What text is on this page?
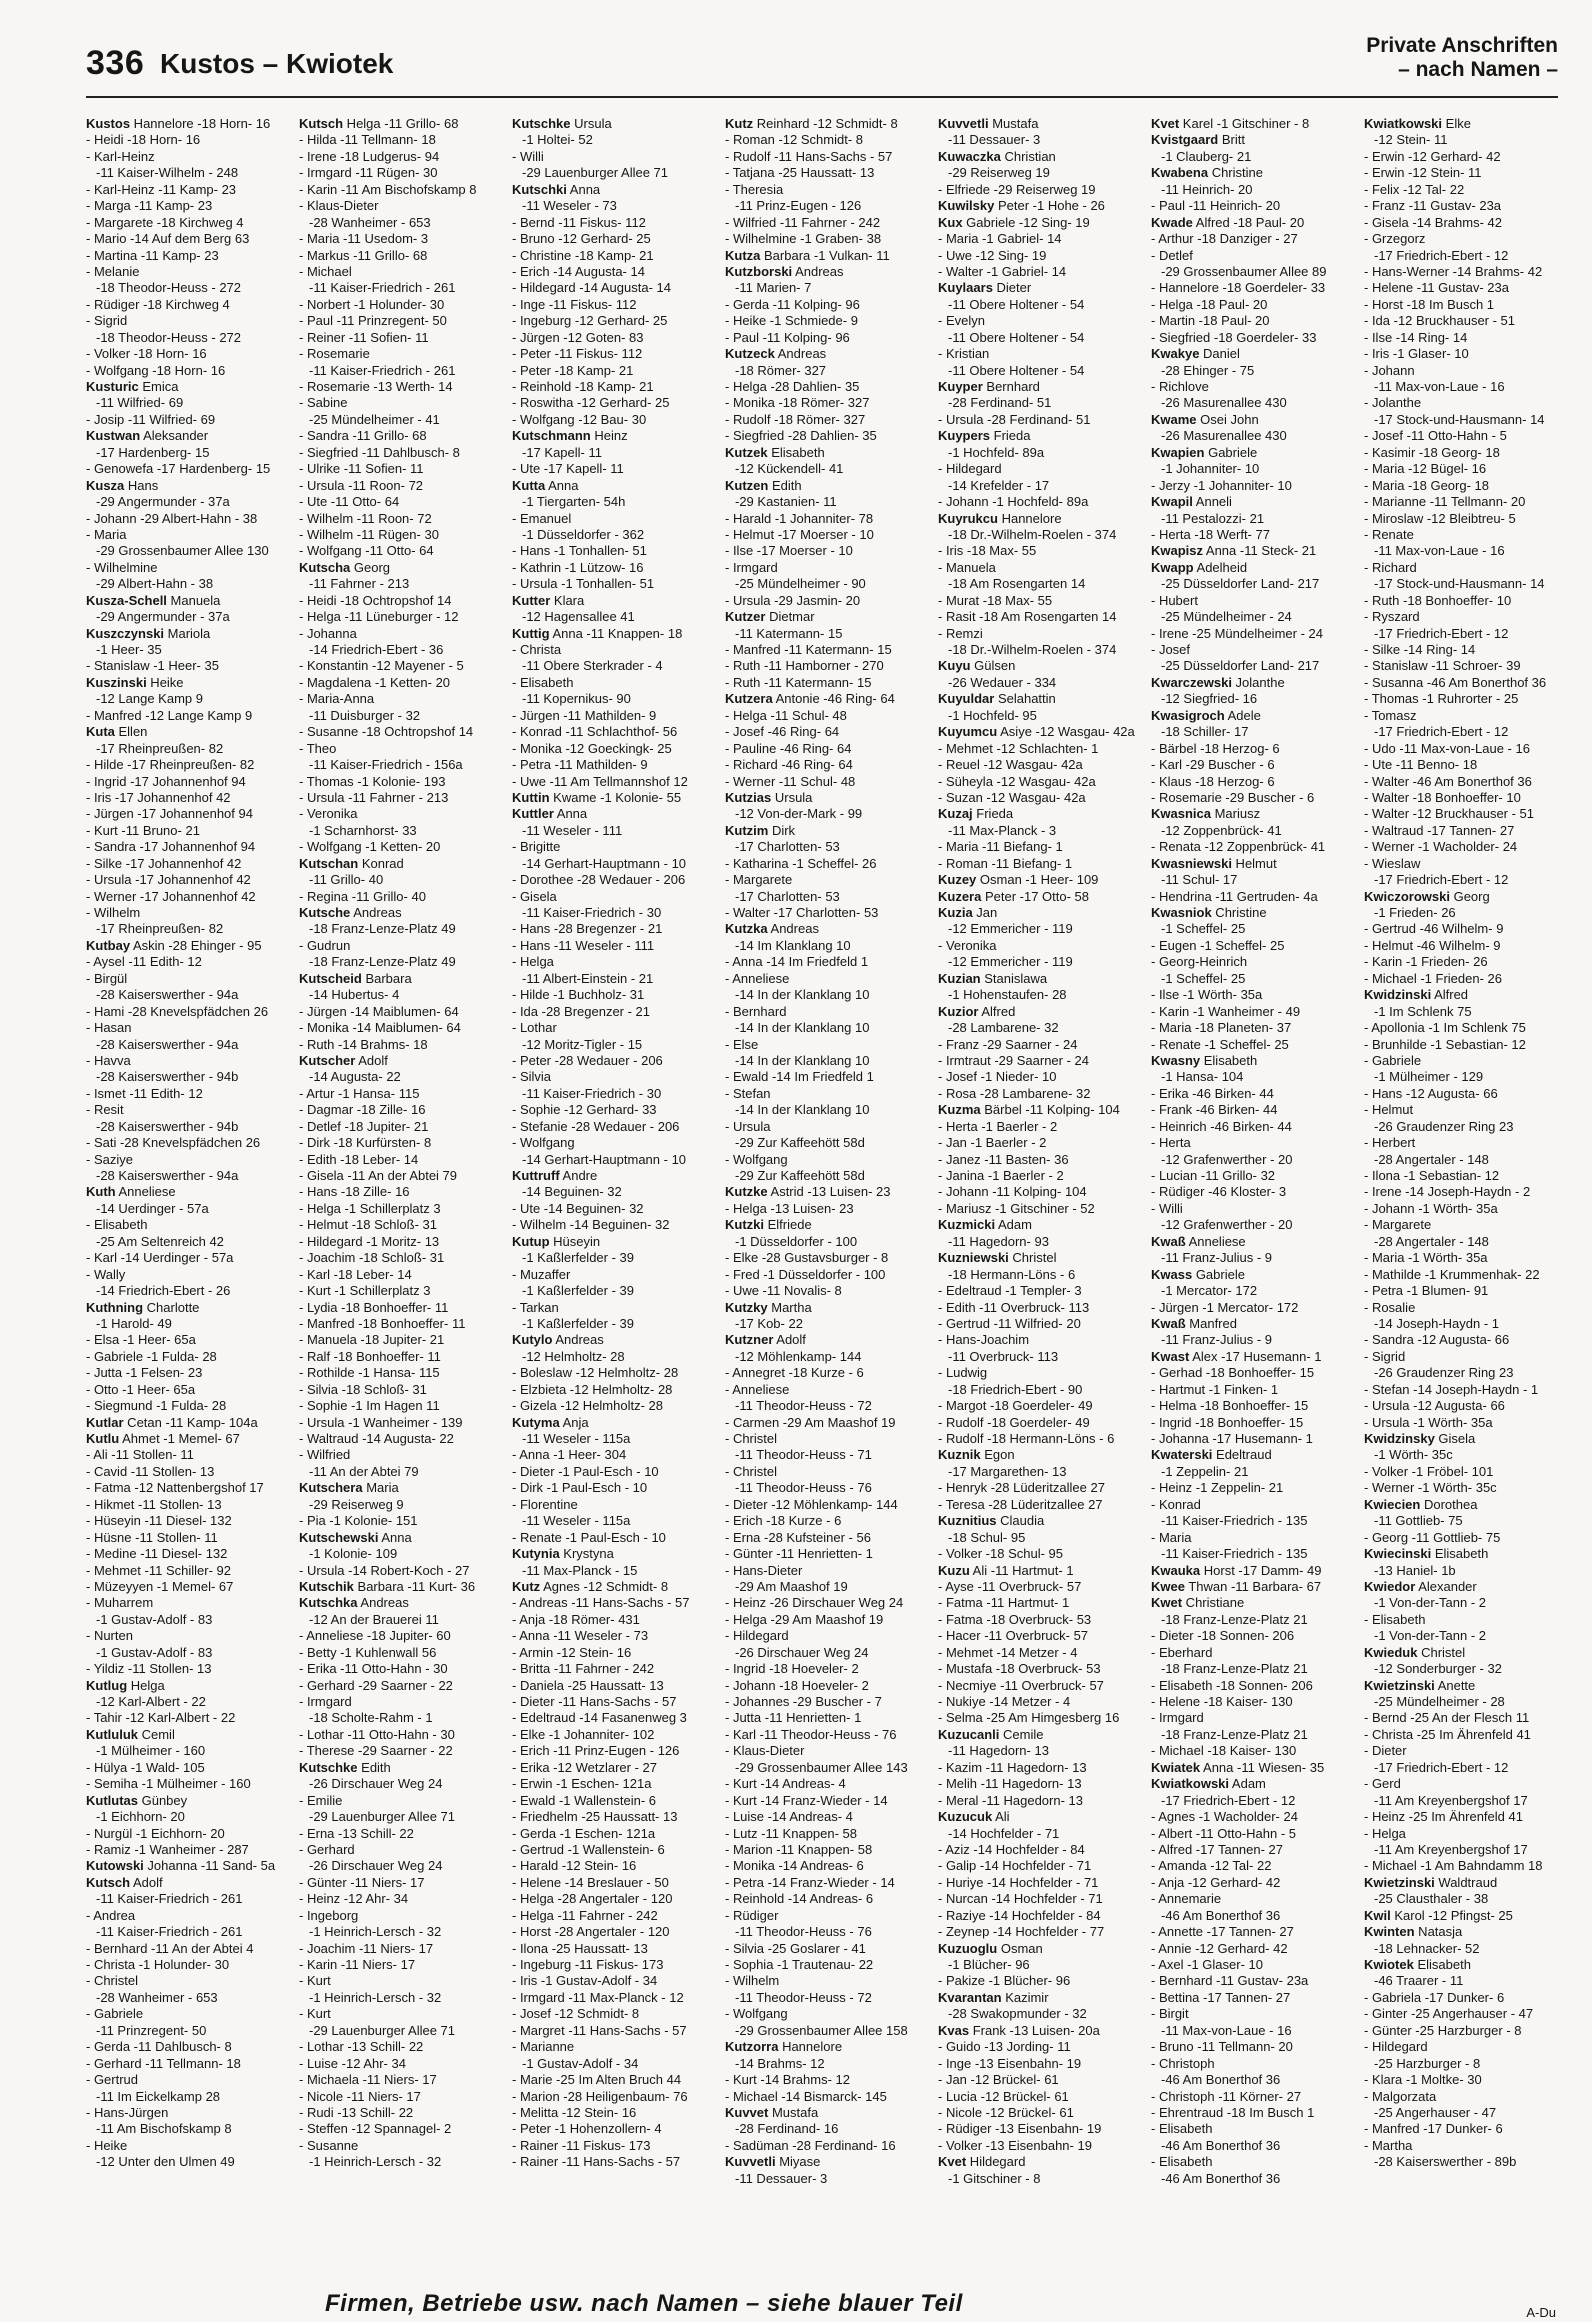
336 Kustos – Kwiotek
Private Anschriften
– nach Namen –
Kustos Hannelore -18 Horn- 16
- Heidi -18 Horn- 16
- Karl-Heinz
-11 Kaiser-Wilhelm - 248
- Karl-Heinz -11 Kamp- 23
- Marga -11 Kamp- 23
- Margarete -18 Kirchweg 4
- Mario -14 Auf dem Berg 63
- Martina -11 Kamp- 23
- Melanie
-18 Theodor-Heuss - 272
- Rüdiger -18 Kirchweg 4
- Sigrid
-18 Theodor-Heuss - 272
- Volker -18 Horn- 16
- Wolfgang -18 Horn- 16
Kusturic Emica
-11 Wilfried- 69
- Josip -11 Wilfried- 69
Kustwan Aleksander
-17 Hardenberg- 15
- Genowefa -17 Hardenberg- 15
Kusza Hans
-29 Angermunder - 37a
- Johann -29 Albert-Hahn - 38
- Maria
-29 Grossenbaumer Allee 130
- Wilhelmine
-29 Albert-Hahn - 38
Kusza-Schell Manuela
-29 Angermunder - 37a
Kuszczynski Mariola
-1 Heer- 35
- Stanislaw -1 Heer- 35
Kuszinski Heike
-12 Lange Kamp 9
- Manfred -12 Lange Kamp 9
Kuta Ellen
-17 Rheinpreußen- 82
- Hilde -17 Rheinpreußen- 82
- Ingrid -17 Johannenhof 94
- Iris -17 Johannenhof 42
- Jürgen -17 Johannenhof 94
- Kurt -11 Bruno- 21
- Sandra -17 Johannenhof 94
- Silke -17 Johannenhof 42
- Ursula -17 Johannenhof 42
- Werner -17 Johannenhof 42
- Wilhelm
-17 Rheinpreußen- 82
Kutbay Askin -28 Ehinger - 95
- Aysel -11 Edith- 12
- Birgül
-28 Kaiserswerther - 94a
- Hami -28 Knevelspfädchen 26
- Hasan
-28 Kaiserswerther - 94a
- Havva
-28 Kaiserswerther - 94b
- Ismet -11 Edith- 12
- Resit
-28 Kaiserswerther - 94b
- Sati -28 Knevelspfädchen 26
- Saziye
-28 Kaiserswerther - 94a
Kuth Anneliese
-14 Uerdinger - 57a
- Elisabeth
-25 Am Seltenreich 42
- Karl -14 Uerdinger - 57a
- Wally
-14 Friedrich-Ebert - 26
Kuthning Charlotte
-1 Harold- 49
- Elsa -1 Heer- 65a
- Gabriele -1 Fulda- 28
- Jutta -1 Felsen- 23
- Otto -1 Heer- 65a
- Siegmund -1 Fulda- 28
Kutlar Cetan -11 Kamp- 104a
Kutlu Ahmet -1 Memel- 67
- Ali -11 Stollen- 11
- Cavid -11 Stollen- 13
- Fatma -12 Nattenbergshof 17
- Hikmet -11 Stollen- 13
- Hüseyin -11 Diesel- 132
- Hüsne -11 Stollen- 11
- Medine -11 Diesel- 132
- Mehmet -11 Schiller- 92
- Müzeyyen -1 Memel- 67
- Muharrem
-1 Gustav-Adolf - 83
- Nurten
-1 Gustav-Adolf - 83
- Yildiz -11 Stollen- 13
Kutlug Helga
-12 Karl-Albert - 22
- Tahir -12 Karl-Albert - 22
Kutluluk Cemil
-1 Mülheimer - 160
- Hülya -1 Wald- 105
- Semiha -1 Mülheimer - 160
Kutlutas Günbey
-1 Eichhorn- 20
- Nurgül -1 Eichhorn- 20
- Ramiz -1 Wanheimer - 287
Kutowski Johanna -11 Sand- 5a
Kutsch Adolf
-11 Kaiser-Friedrich - 261
- Andrea
-11 Kaiser-Friedrich - 261
- Bernhard -11 An der Abtei 4
- Christa -1 Holunder- 30
- Christel
-28 Wanheimer - 653
- Gabriele
-11 Prinzregent- 50
- Gerda -11 Dahlbusch- 8
- Gerhard -11 Tellmann- 18
- Gertrud
-11 Im Eickelkamp 28
- Hans-Jürgen
-11 Am Bischofskamp 8
- Heike
-12 Unter den Ulmen 49
Kutsch Helga -11 Grillo- 68
- Hilda -11 Tellmann- 18
- Irene -18 Ludgerus- 94
- Irmgard -11 Rügen- 30
- Karin -11 Am Bischofskamp 8
- Klaus-Dieter
-28 Wanheimer - 653
- Maria -11 Usedom- 3
- Markus -11 Grillo- 68
- Michael
-11 Kaiser-Friedrich - 261
- Norbert -1 Holunder- 30
- Paul -11 Prinzregent- 50
- Reiner -11 Sofien- 11
- Rosemarie
-11 Kaiser-Friedrich - 261
- Rosemarie -13 Werth- 14
- Sabine
-25 Mündelheimer - 41
- Sandra -11 Grillo- 68
- Siegfried -11 Dahlbusch- 8
- Ulrike -11 Sofien- 11
- Ursula -11 Roon- 72
- Ute -11 Otto- 64
- Wilhelm -11 Roon- 72
- Wilhelm -11 Rügen- 30
- Wolfgang -11 Otto- 64
Kutscha Georg
-11 Fahrner - 213
- Heidi -18 Ochtropshof 14
- Helga -11 Lüneburger - 12
- Johanna
-14 Friedrich-Ebert - 36
- Konstantin -12 Mayener - 5
- Magdalena -1 Ketten- 20
- Maria-Anna
-11 Duisburger - 32
- Susanne -18 Ochtropshof 14
- Theo
-11 Kaiser-Friedrich - 156a
- Thomas -1 Kolonie- 193
- Ursula -11 Fahrner - 213
- Veronika
-1 Scharnhorst- 33
- Wolfgang -1 Ketten- 20
Kutschan Konrad
-11 Grillo- 40
- Regina -11 Grillo- 40
Kutsche Andreas
-18 Franz-Lenze-Platz 49
- Gudrun
-18 Franz-Lenze-Platz 49
Kutscheid Barbara
-14 Hubertus- 4
- Jürgen -14 Maiblumen- 64
- Monika -14 Maiblumen- 64
- Ruth -14 Brahms- 18
Kutscher Adolf
-14 Augusta- 22
- Artur -1 Hansa- 115
- Dagmar -18 Zille- 16
- Detlef -18 Jupiter- 21
- Dirk -18 Kurfürsten- 8
- Edith -18 Leber- 14
- Gisela -11 An der Abtei 79
- Hans -18 Zille- 16
- Helga -1 Schillerplatz 3
- Helmut -18 Schloß- 31
- Hildegard -1 Moritz- 13
- Joachim -18 Schloß- 31
- Karl -18 Leber- 14
- Kurt -1 Schillerplatz 3
- Lydia -18 Bonhoeffer- 11
- Manfred -18 Bonhoeffer- 11
- Manuela -18 Jupiter- 21
- Ralf -18 Bonhoeffer- 11
- Rothilde -1 Hansa- 115
- Silvia -18 Schloß- 31
- Sophie -1 Im Hagen 11
- Ursula -1 Wanheimer - 139
- Waltraud -14 Augusta- 22
- Wilfried
-11 An der Abtei 79
Kutschera Maria
-29 Reiserweg 9
- Pia -1 Kolonie- 151
Kutschewski Anna
-1 Kolonie- 109
- Ursula -14 Robert-Koch - 27
Kutschik Barbara -11 Kurt- 36
Kutschka Andreas
-12 An der Brauerei 11
- Anneliese -18 Jupiter- 60
- Betty -1 Kuhlenwall 56
- Erika -11 Otto-Hahn - 30
- Gerhard -29 Saarner - 22
- Irmgard
-18 Scholte-Rahm - 1
- Lothar -11 Otto-Hahn - 30
- Therese -29 Saarner - 22
Kutschke Edith
-26 Dirschauer Weg 24
- Emilie
-29 Lauenburger Allee 71
- Erna -13 Schill- 22
- Gerhard
-26 Dirschauer Weg 24
- Günter -11 Niers- 17
- Heinz -12 Ahr- 34
- Ingeborg
-1 Heinrich-Lersch - 32
- Joachim -11 Niers- 17
- Karin -11 Niers- 17
- Kurt
-1 Heinrich-Lersch - 32
- Kurt
-29 Lauenburger Allee 71
- Lothar -13 Schill- 22
- Luise -12 Ahr- 34
- Michaela -11 Niers- 17
- Nicole -11 Niers- 17
- Rudi -13 Schill- 22
- Steffen -12 Spannagel- 2
- Susanne
-1 Heinrich-Lersch - 32
Kutschke Ursula
-1 Holtei- 52
- Willi
-29 Lauenburger Allee 71
Kutschki Anna
-11 Weseler - 73
- Bernd -11 Fiskus- 112
- Bruno -12 Gerhard- 25
- Christine -18 Kamp- 21
- Erich -14 Augusta- 14
- Hildegard -14 Augusta- 14
- Inge -11 Fiskus- 112
- Ingeburg -12 Gerhard- 25
- Jürgen -12 Goten- 83
- Peter -11 Fiskus- 112
- Peter -18 Kamp- 21
- Reinhold -18 Kamp- 21
- Roswitha -12 Gerhard- 25
- Wolfgang -12 Bau- 30
Kutschmann Heinz
-17 Kapell- 11
- Ute -17 Kapell- 11
Kutta Anna
-1 Tiergarten- 54h
- Emanuel
-1 Düsseldorfer - 362
- Hans -1 Tonhallen- 51
- Kathrin -1 Lützow- 16
- Ursula -1 Tonhallen- 51
Kutter Klara
-12 Hagensallee 41
Kuttig Anna -11 Knappen- 18
- Christa
-11 Obere Sterkrader - 4
- Elisabeth
-11 Kopernikus- 90
- Jürgen -11 Mathilden- 9
- Konrad -11 Schlachthof- 56
- Monika -12 Goeckingk- 25
- Petra -11 Mathilden- 9
- Uwe -11 Am Tellmannshof 12
Kuttin Kwame -1 Kolonie- 55
Kuttler Anna
-11 Weseler - 111
- Brigitte
-14 Gerhart-Hauptmann - 10
- Dorothee -28 Wedauer - 206
- Gisela
-11 Kaiser-Friedrich - 30
- Hans -28 Bregenzer - 21
- Hans -11 Weseler - 111
- Helga
-11 Albert-Einstein - 21
- Hilde -1 Buchholz- 31
- Ida -28 Bregenzer - 21
- Lothar
-12 Moritz-Tigler - 15
- Peter -28 Wedauer - 206
- Silvia
-11 Kaiser-Friedrich - 30
- Sophie -12 Gerhard- 33
- Stefanie -28 Wedauer - 206
- Wolfgang
-14 Gerhart-Hauptmann - 10
Kuttruff Andre
-14 Beguinen- 32
- Ute -14 Beguinen- 32
- Wilhelm -14 Beguinen- 32
Kutup Hüseyin
-1 Kaßlerfelder - 39
- Muzaffer
-1 Kaßlerfelder - 39
- Tarkan
-1 Kaßlerfelder - 39
Kutylo Andreas
-12 Helmholtz- 28
- Boleslaw -12 Helmholtz- 28
- Elzbieta -12 Helmholtz- 28
- Gizela -12 Helmholtz- 28
Kutyma Anja
-11 Weseler - 115a
- Anna -1 Heer- 304
- Dieter -1 Paul-Esch - 10
- Dirk -1 Paul-Esch - 10
- Florentine
-11 Weseler - 115a
- Renate -1 Paul-Esch - 10
Kutynia Krystyna
-11 Max-Planck - 15
Kutz Agnes -12 Schmidt- 8
- Andreas -11 Hans-Sachs - 57
- Anja -18 Römer- 431
- Anna -11 Weseler - 73
- Armin -12 Stein- 16
- Britta -11 Fahrner - 242
- Daniela -25 Haussatt- 13
- Dieter -11 Hans-Sachs - 57
- Edeltraud -14 Fasanenweg 3
- Elke -1 Johanniter- 102
- Erich -11 Prinz-Eugen - 126
- Erika -12 Wetzlarer - 27
- Erwin -1 Eschen- 121a
- Ewald -1 Wallenstein- 6
- Friedhelm -25 Haussatt- 13
- Gerda -1 Eschen- 121a
- Gertrud -1 Wallenstein- 6
- Harald -12 Stein- 16
- Helene -14 Breslauer - 50
- Helga -28 Angertaler - 120
- Helga -11 Fahrner - 242
- Horst -28 Angertaler - 120
- Ilona -25 Haussatt- 13
- Ingeburg -11 Fiskus- 173
- Iris -1 Gustav-Adolf - 34
- Irmgard -11 Max-Planck - 12
- Josef -12 Schmidt- 8
- Margret -11 Hans-Sachs - 57
- Marianne
-1 Gustav-Adolf - 34
- Marie -25 Im Alten Bruch 44
- Marion -28 Heiligenbaum- 76
- Melitta -12 Stein- 16
- Peter -1 Hohenzollern- 4
- Rainer -11 Fiskus- 173
- Rainer -11 Hans-Sachs - 57
Kutz Reinhard -12 Schmidt- 8
- Roman -12 Schmidt- 8
- Rudolf -11 Hans-Sachs - 57
- Tatjana -25 Haussatt- 13
- Theresia
-11 Prinz-Eugen - 126
- Wilfried -11 Fahrner - 242
- Wilhelmine -1 Graben- 38
Kutza Barbara -1 Vulkan- 11
Kutzborski Andreas
-11 Marien- 7
- Gerda -11 Kolping- 96
- Heike -1 Schmiede- 9
- Paul -11 Kolping- 96
Kutzeck Andreas
-18 Römer- 327
- Helga -28 Dahlien- 35
- Monika -18 Römer- 327
- Rudolf -18 Römer- 327
- Siegfried -28 Dahlien- 35
Kutzek Elisabeth
-12 Kückendell- 41
Kutzen Edith
-29 Kastanien- 11
- Harald -1 Johanniter- 78
- Helmut -17 Moerser - 10
- Ilse -17 Moerser - 10
- Irmgard
-25 Mündelheimer - 90
- Ursula -29 Jasmin- 20
Kutzer Dietmar
-11 Katermann- 15
- Manfred -11 Katermann- 15
- Ruth -11 Hamborner - 270
- Ruth -11 Katermann- 15
Kutzera Antonie -46 Ring- 64
- Helga -11 Schul- 48
- Josef -46 Ring- 64
- Pauline -46 Ring- 64
- Richard -46 Ring- 64
- Werner -11 Schul- 48
Kutzias Ursula
-12 Von-der-Mark - 99
Kutzim Dirk
-17 Charlotten- 53
- Katharina -1 Scheffel- 26
- Margarete
-17 Charlotten- 53
- Walter -17 Charlotten- 53
Kutzka Andreas
-14 Im Klanklang 10
- Anna -14 Im Friedfeld 1
- Anneliese
-14 In der Klanklang 10
- Bernhard
-14 In der Klanklang 10
- Else
-14 In der Klanklang 10
- Ewald -14 Im Friedfeld 1
- Stefan
-14 In der Klanklang 10
- Ursula
-29 Zur Kaffeehött 58d
- Wolfgang
-29 Zur Kaffeehött 58d
Kutzke Astrid -13 Luisen- 23
- Helga -13 Luisen- 23
Kutzki Elfriede
-1 Düsseldorfer - 100
- Elke -28 Gustavsburger - 8
- Fred -1 Düsseldorfer - 100
- Uwe -11 Novalis- 8
Kutzky Martha
-17 Kob- 22
Kutzner Adolf
-12 Möhlenkamp- 144
- Annegret -18 Kurze - 6
- Anneliese
-11 Theodor-Heuss - 72
- Carmen -29 Am Maashof 19
- Christel
-11 Theodor-Heuss - 71
- Christel
-11 Theodor-Heuss - 76
- Dieter -12 Möhlenkamp- 144
- Erich -18 Kurze - 6
- Erna -28 Kufsteiner - 56
- Günter -11 Henrietten- 1
- Hans-Dieter
-29 Am Maashof 19
- Heinz -26 Dirschauer Weg 24
- Helga -29 Am Maashof 19
- Hildegard
-26 Dirschauer Weg 24
- Ingrid -18 Hoeveler- 2
- Johann -18 Hoeveler- 2
- Johannes -29 Buscher - 7
- Jutta -11 Henrietten- 1
- Karl -11 Theodor-Heuss - 76
- Klaus-Dieter
-29 Grossenbaumer Allee 143
- Kurt -14 Andreas- 4
- Kurt -14 Franz-Wieder - 14
- Luise -14 Andreas- 4
- Lutz -11 Knappen- 58
- Marion -11 Knappen- 58
- Monika -14 Andreas- 6
- Petra -14 Franz-Wieder - 14
- Reinhold -14 Andreas- 6
- Rüdiger
-11 Theodor-Heuss - 76
- Silvia -25 Goslarer - 41
- Sophia -1 Trautenau- 22
- Wilhelm
-11 Theodor-Heuss - 72
- Wolfgang
-29 Grossenbaumer Allee 158
Kutzorra Hannelore
-14 Brahms- 12
- Kurt -14 Brahms- 12
- Michael -14 Bismarck- 145
Kuvvet Mustafa
-28 Ferdinand- 16
- Sadüman -28 Ferdinand- 16
Kuvvetli Miyase
-11 Dessauer- 3
Kuvvetli Mustafa
-11 Dessauer- 3
Kuwaczka Christian
-29 Reiserweg 19
- Elfriede -29 Reiserweg 19
Kuwilsky Peter -1 Hohe - 26
Kux Gabriele -12 Sing- 19
- Maria -1 Gabriel- 14
- Uwe -12 Sing- 19
- Walter -1 Gabriel- 14
Kuylaars Dieter
-11 Obere Holtener - 54
- Evelyn
-11 Obere Holtener - 54
- Kristian
-11 Obere Holtener - 54
Kuyper Bernhard
-28 Ferdinand- 51
- Ursula -28 Ferdinand- 51
Kuypers Frieda
-1 Hochfeld- 89a
- Hildegard
-14 Krefelder - 17
- Johann -1 Hochfeld- 89a
Kuyrukcu Hannelore
-18 Dr.-Wilhelm-Roelen - 374
- Iris -18 Max- 55
- Manuela
-18 Am Rosengarten 14
- Murat -18 Max- 55
- Rasit -18 Am Rosengarten 14
- Remzi
-18 Dr.-Wilhelm-Roelen - 374
Kuyu Gülsen
-26 Wedauer - 334
Kuyuldar Selahattin
-1 Hochfeld- 95
Kuyumcu Asiye -12 Wasgau- 42a
- Mehmet -12 Schlachten- 1
- Reuel -12 Wasgau- 42a
- Süheyla -12 Wasgau- 42a
- Suzan -12 Wasgau- 42a
Kuzaj Frieda
-11 Max-Planck - 3
- Maria -11 Biefang- 1
- Roman -11 Biefang- 1
Kuzey Osman -1 Heer- 109
Kuzera Peter -17 Otto- 58
Kuzia Jan
-12 Emmericher - 119
- Veronika
-12 Emmericher - 119
Kuzian Stanislawa
-1 Hohenstaufen- 28
Kuzior Alfred
-28 Lambarene- 32
- Franz -29 Saarner - 24
- Irmtraut -29 Saarner - 24
- Josef -1 Nieder- 10
- Rosa -28 Lambarene- 32
Kuzma Bärbel -11 Kolping- 104
- Herta -1 Baerler - 2
- Jan -1 Baerler - 2
- Janez -11 Basten- 36
- Janina -1 Baerler - 2
- Johann -11 Kolping- 104
- Mariusz -1 Gitschiner - 52
Kuzmicki Adam
-11 Hagedorn- 93
Kuzniewski Christel
-18 Hermann-Löns - 6
- Edeltraud -1 Templer- 3
- Edith -11 Overbruck- 113
- Gertrud -11 Wilfried- 20
- Hans-Joachim
-11 Overbruck- 113
- Ludwig
-18 Friedrich-Ebert - 90
- Margot -18 Goerdeler- 49
- Rudolf -18 Goerdeler- 49
- Rudolf -18 Hermann-Löns - 6
Kuznik Egon
-17 Margarethen- 13
- Henryk -28 Lüderitzallee 27
- Teresa -28 Lüderitzallee 27
Kuznitius Claudia
-18 Schul- 95
- Volker -18 Schul- 95
Kuzu Ali -11 Hartmut- 1
- Ayse -11 Overbruck- 57
- Fatma -11 Hartmut- 1
- Fatma -18 Overbruck- 53
- Hacer -11 Overbruck- 57
- Mehmet -14 Metzer - 4
- Mustafa -18 Overbruck- 53
- Necmiye -11 Overbruck- 57
- Nukiye -14 Metzer - 4
- Selma -25 Am Himgesberg 16
Kuzucanli Cemile
-11 Hagedorn- 13
- Kazim -11 Hagedorn- 13
- Melih -11 Hagedorn- 13
- Meral -11 Hagedorn- 13
Kuzucuk Ali
-14 Hochfelder - 71
- Aziz -14 Hochfelder - 84
- Galip -14 Hochfelder - 71
- Huriye -14 Hochfelder - 71
- Nurcan -14 Hochfelder - 71
- Raziye -14 Hochfelder - 84
- Zeynep -14 Hochfelder - 77
Kuzuoglu Osman
-1 Blücher- 96
- Pakize -1 Blücher- 96
Kvarantan Kazimir
-28 Swakopmunder - 32
Kvas Frank -13 Luisen- 20a
- Guido -13 Jording- 11
- Inge -13 Eisenbahn- 19
- Jan -12 Brückel- 61
- Lucia -12 Brückel- 61
- Nicole -12 Brückel- 61
- Rüdiger -13 Eisenbahn- 19
- Volker -13 Eisenbahn- 19
Kvet Hildegard
-1 Gitschiner - 8
Kvet Karel -1 Gitschiner - 8
Kvistgaard Britt
-1 Clauberg- 21
Kwabena Christine
-11 Heinrich- 20
- Paul -11 Heinrich- 20
Kwade Alfred -18 Paul- 20
- Arthur -18 Danziger - 27
- Detlef
-29 Grossenbaumer Allee 89
- Hannelore -18 Goerdeler- 33
- Helga -18 Paul- 20
- Martin -18 Paul- 20
- Siegfried -18 Goerdeler- 33
Kwakye Daniel
-28 Ehinger - 75
- Richlove
-26 Masurenallee 430
Kwame Osei John
-26 Masurenallee 430
Kwapien Gabriele
-1 Johanniter- 10
- Jerzy -1 Johanniter- 10
Kwapil Anneli
-11 Pestalozzi- 21
- Herta -18 Werft- 77
Kwapisz Anna -11 Steck- 21
Kwapp Adelheid
-25 Düsseldorfer Land- 217
- Hubert
-25 Mündelheimer - 24
- Irene -25 Mündelheimer - 24
- Josef
-25 Düsseldorfer Land- 217
Kwarczewski Jolanthe
-12 Siegfried- 16
Kwasigroch Adele
-18 Schiller- 17
- Bärbel -18 Herzog- 6
- Karl -29 Buscher - 6
- Klaus -18 Herzog- 6
- Rosemarie -29 Buscher - 6
Kwasnica Mariusz
-12 Zoppenbrück- 41
- Renata -12 Zoppenbrück- 41
Kwasniewski Helmut
-11 Schul- 17
- Hendrina -11 Gertruden- 4a
Kwasniok Christine
-1 Scheffel- 25
- Eugen -1 Scheffel- 25
- Georg-Heinrich
-1 Scheffel- 25
- Ilse -1 Wörth- 35a
- Karin -1 Wanheimer - 49
- Maria -18 Planeten- 37
- Renate -1 Scheffel- 25
Kwasny Elisabeth
-1 Hansa- 104
- Erika -46 Birken- 44
- Frank -46 Birken- 44
- Heinrich -46 Birken- 44
- Herta
-12 Grafenwerther - 20
- Lucian -11 Grillo- 32
- Rüdiger -46 Kloster- 3
- Willi
-12 Grafenwerther - 20
Kwaß Anneliese
-11 Franz-Julius - 9
Kwass Gabriele
-1 Mercator- 172
- Jürgen -1 Mercator- 172
Kwaß Manfred
-11 Franz-Julius - 9
Kwast Alex -17 Husemann- 1
- Gerhad -18 Bonhoeffer- 15
- Hartmut -1 Finken- 1
- Helma -18 Bonhoeffer- 15
- Ingrid -18 Bonhoeffer- 15
- Johanna -17 Husemann- 1
Kwaterski Edeltraud
-1 Zeppelin- 21
- Heinz -1 Zeppelin- 21
- Konrad
-11 Kaiser-Friedrich - 135
- Maria
-11 Kaiser-Friedrich - 135
Kwauka Horst -17 Damm- 49
Kwee Thwan -11 Barbara- 67
Kwet Christiane
-18 Franz-Lenze-Platz 21
- Dieter -18 Sonnen- 206
- Eberhard
-18 Franz-Lenze-Platz 21
- Elisabeth -18 Sonnen- 206
- Helene -18 Kaiser- 130
- Irmgard
-18 Franz-Lenze-Platz 21
- Michael -18 Kaiser- 130
Kwiatek Anna -11 Wiesen- 35
Kwiatkowski Adam
-17 Friedrich-Ebert - 12
- Agnes -1 Wacholder- 24
- Albert -11 Otto-Hahn - 5
- Alfred -17 Tannen- 27
- Amanda -12 Tal- 22
- Anja -12 Gerhard- 42
- Annemarie
-46 Am Bonerthof 36
- Annette -17 Tannen- 27
- Annie -12 Gerhard- 42
- Axel -1 Glaser- 10
- Bernhard -11 Gustav- 23a
- Bettina -17 Tannen- 27
- Birgit
-11 Max-von-Laue - 16
- Bruno -11 Tellmann- 20
- Christoph
-46 Am Bonerthof 36
- Christoph -11 Körner- 27
- Ehrentraud -18 Im Busch 1
- Elisabeth
-46 Am Bonerthof 36
- Elisabeth
-46 Am Bonerthof 36
Kwiatkowski Elke
-12 Stein- 11
- Erwin -12 Gerhard- 42
- Erwin -12 Stein- 11
- Felix -12 Tal- 22
- Franz -11 Gustav- 23a
- Gisela -14 Brahms- 42
- Grzegorz
-17 Friedrich-Ebert - 12
- Hans-Werner -14 Brahms- 42
- Helene -11 Gustav- 23a
- Horst -18 Im Busch 1
- Ida -12 Bruckhauser - 51
- Ilse -14 Ring- 14
- Iris -1 Glaser- 10
- Johann
-11 Max-von-Laue - 16
- Jolanthe
-17 Stock-und-Hausmann- 14
- Josef -11 Otto-Hahn - 5
- Kasimir -18 Georg- 18
- Maria -12 Bügel- 16
- Maria -18 Georg- 18
- Marianne -11 Tellmann- 20
- Miroslaw -12 Bleibtreu- 5
- Renate
-11 Max-von-Laue - 16
- Richard
-17 Stock-und-Hausmann- 14
- Ruth -18 Bonhoeffer- 10
- Ryszard
-17 Friedrich-Ebert - 12
- Silke -14 Ring- 14
- Stanislaw -11 Schroer- 39
- Susanna -46 Am Bonerthof 36
- Thomas -1 Ruhrorter - 25
- Tomasz
-17 Friedrich-Ebert - 12
- Udo -11 Max-von-Laue - 16
- Ute -11 Benno- 18
- Walter -46 Am Bonerthof 36
- Walter -18 Bonhoeffer- 10
- Walter -12 Bruckhauser - 51
- Waltraud -17 Tannen- 27
- Werner -1 Wacholder- 24
- Wieslaw
-17 Friedrich-Ebert - 12
Kwiczorowski Georg
-1 Frieden- 26
- Gertrud -46 Wilhelm- 9
- Helmut -46 Wilhelm- 9
- Karin -1 Frieden- 26
- Michael -1 Frieden- 26
Kwidzinski Alfred
-1 Im Schlenk 75
- Apollonia -1 Im Schlenk 75
- Brunhilde -1 Sebastian- 12
- Gabriele
-1 Mülheimer - 129
- Hans -12 Augusta- 66
- Helmut
-26 Graudenzer Ring 23
- Herbert
-28 Angertaler - 148
- Ilona -1 Sebastian- 12
- Irene -14 Joseph-Haydn - 2
- Johann -1 Wörth- 35a
- Margarete
-28 Angertaler - 148
- Maria -1 Wörth- 35a
- Mathilde -1 Krummenhak- 22
- Petra -1 Blumen- 91
- Rosalie
-14 Joseph-Haydn - 1
- Sandra -12 Augusta- 66
- Sigrid
-26 Graudenzer Ring 23
- Stefan -14 Joseph-Haydn - 1
- Ursula -12 Augusta- 66
- Ursula -1 Wörth- 35a
Kwidzinsky Gisela
-1 Wörth- 35c
- Volker -1 Fröbel- 101
- Werner -1 Wörth- 35c
Kwiecien Dorothea
-11 Gottlieb- 75
- Georg -11 Gottlieb- 75
Kwiecinski Elisabeth
-13 Haniel- 1b
Kwiedor Alexander
-1 Von-der-Tann - 2
- Elisabeth
-1 Von-der-Tann - 2
Kwieduk Christel
-12 Sonderburger - 32
Kwietzinski Anette
-25 Mündelheimer - 28
- Bernd -25 An der Flesch 11
- Christa -25 Im Ährenfeld 41
- Dieter
-17 Friedrich-Ebert - 12
- Gerd
-11 Am Kreyenbergshof 17
- Heinz -25 Im Ährenfeld 41
- Helga
-11 Am Kreyenbergshof 17
- Michael -1 Am Bahndamm 18
Kwietzinski Waldtraud
-25 Clausthaler - 38
Kwil Karol -12 Pfingst- 25
Kwinten Natasja
-18 Lehnacker- 52
Kwiotek Elisabeth
-46 Traarer - 11
- Gabriela -17 Dunker- 6
- Ginter -25 Angerhauser - 47
- Günter -25 Harzburger - 8
- Hildegard
-25 Harzburger - 8
- Klara -1 Moltke- 30
- Malgorzata
-25 Angerhauser - 47
- Manfred -17 Dunker- 6
- Martha
-28 Kaiserswerther - 89b
Firmen, Betriebe usw. nach Namen – siehe blauer Teil	A-Du
